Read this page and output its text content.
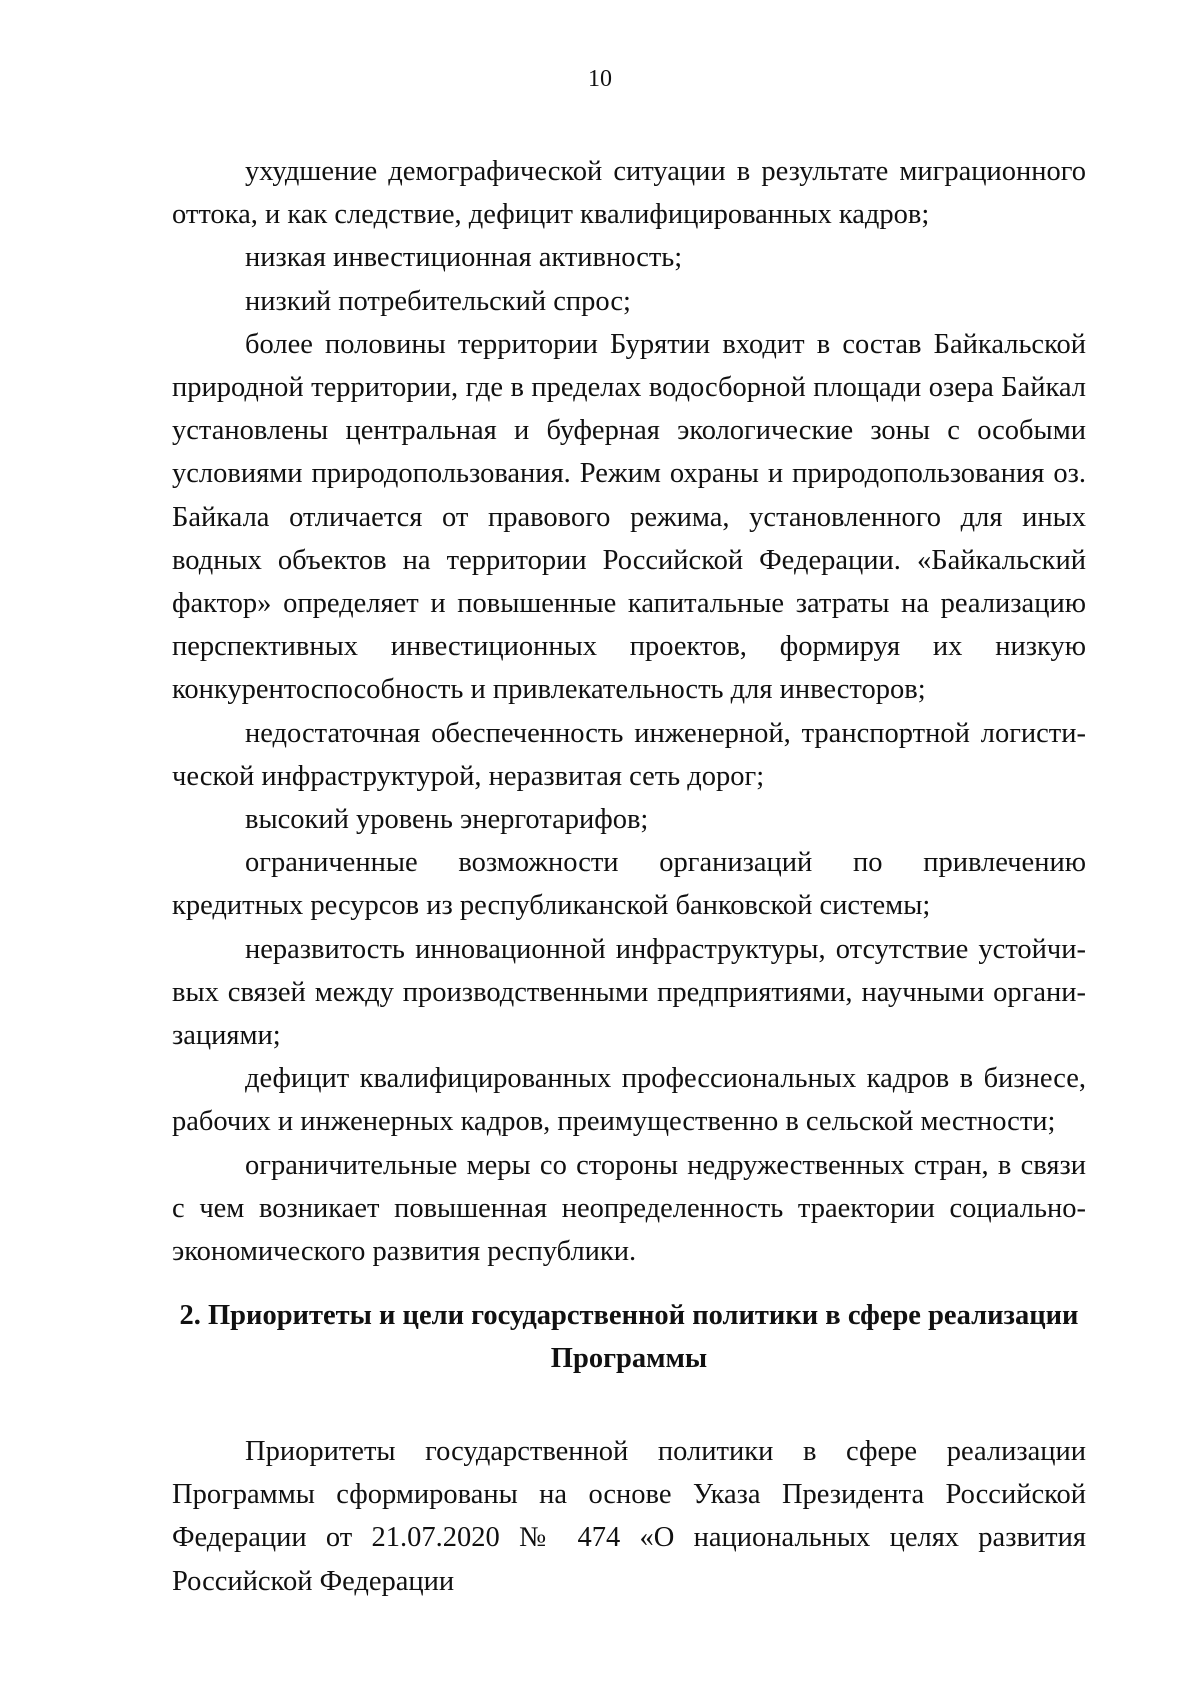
10

ухудшение демографической ситуации в результате миграционного оттока, и как следствие, дефицит квалифицированных кадров;

низкая инвестиционная активность;

низкий потребительский спрос;

более половины территории Бурятии входит в состав Байкальской природной территории, где в пределах водосборной площади озера Байкал установлены центральная и буферная экологические зоны с особыми условиями природопользования. Режим охраны и природопользования оз. Байкала отличается от правового режима, установленного для иных водных объектов на территории Российской Федерации. «Байкальский фактор» определяет и повышенные капитальные затраты на реализацию перспективных инвестиционных проектов, формируя их низкую конкурентоспособность и привлекательность для инвесторов;

недостаточная обеспеченность инженерной, транспортной логистической инфраструктурой, неразвитая сеть дорог;

высокий уровень энерготарифов;

ограниченные возможности организаций по привлечению кредитных ресурсов из республиканской банковской системы;

неразвитость инновационной инфраструктуры, отсутствие устойчивых связей между производственными предприятиями, научными организациями;

дефицит квалифицированных профессиональных кадров в бизнесе, рабочих и инженерных кадров, преимущественно в сельской местности;

ограничительные меры со стороны недружественных стран, в связи с чем возникает повышенная неопределенность траектории социально-экономического развития республики.

2. Приоритеты и цели государственной политики в сфере реализации
Программы

Приоритеты государственной политики в сфере реализации Программы сформированы на основе Указа Президента Российской Федерации от 21.07.2020 № 474 «О национальных целях развития Российской Федерации
